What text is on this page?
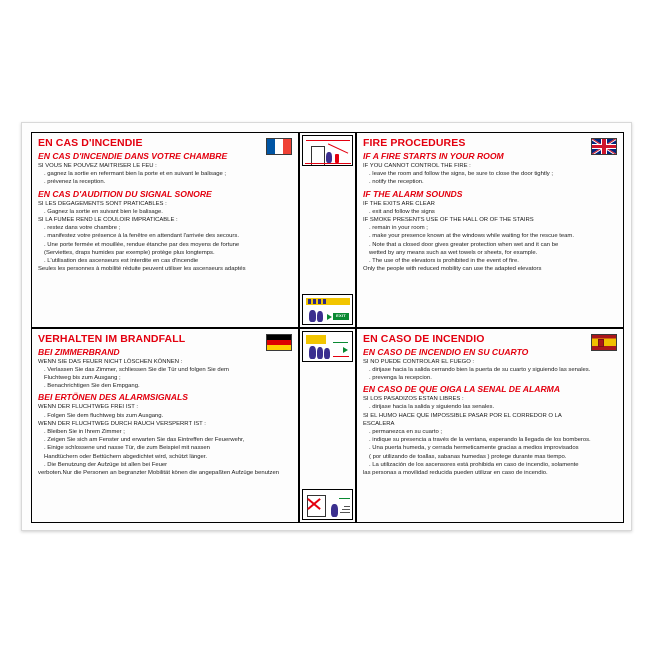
EN CAS D'INCENDIE
EN CAS D'INCENDIE DANS VOTRE CHAMBRE
SI VOUS NE POUVEZ MAITRISER LE FEU :
. gagnez la sortie en refermant bien la porte et en suivant le balisage ;
. prévenez la reception.
EN CAS D'AUDITION DU SIGNAL SONORE
SI LES DEGAGEMENTS SONT PRATICABLES :
. Gagnez la sortie en suivant bien le balisage.
SI LA FUMEE REND LE COULOIR IMPRATICABLE :
. restez dans votre chambre ;
. manifestez votre présence à la fenêtre en attendant l'arrivée des secours.
. Une porte fermée et mouillée, rendue étanche par des moyens de fortune
(Serviettes, draps humides par exemple) protège plus longtemps.
. L'utilisation des ascenseurs est interdite en cas d'incendie
Seules les personnes à mobilité réduite peuvent utiliser les ascenseurs adaptés
EXIT
FIRE PROCEDURES
IF A FIRE STARTS IN YOUR ROOM
IF YOU CANNOT CONTROL THE FIRE :
. leave the room and follow the signs, be sure to close the door tightly ;
. notify the reception.
IF THE ALARM SOUNDS
IF THE EXITS ARE CLEAR
. exit and follow the signs
IF SMOKE PRESENTS USE OF THE HALL OR OF THE STAIRS
. remain in your room ;
. make your presence known at the windows while waiting for the rescue team.
. Note that a closed door gives greater protection when wet and it can be
wetted by any means such as wet towels or sheets, for example.
. The use of the elevators is prohibited in the event of fire.
Only the people with reduced mobility can use the adapted elevators
VERHALTEN IM BRANDFALL
BEI ZIMMERBRAND
WENN SIE DAS FEUER NICHT LÖSCHEN KÖNNEN :
. Verlassen Sie das Zimmer, schliessen Sie die Tür und folgen Sie dem
Fluchtweg bis zum Ausgang ;
. Benachrichtigen Sie den Empgang.
BEI ERTÖNEN DES ALARMSIGNALS
WENN DER FLUCHTWEG FREI IST :
. Folgen Sie dem fluchtweg bis zum Ausgang.
WENN DER FLUCHTWEG DURCH RAUCH VERSPERRT IST :
. Bleiben Sie in Ihrem Zimmer ;
. Zeigen Sie sich am Fenster und erwarten Sie das Eintreffen der Feuerwehr,
. Einige schlossene und nasse Tür, die zum Beispiel mit nassen
Handtüchern oder Bettüchern abgedichtet wird, schützt länger.
. Die Benutzung der Aufzüge ist allen bei Feuer
verboten.Nur die Personen an begranzter Mobilität könen die angepaßten Aufzüge benutzen
EN CASO DE INCENDIO
EN CASO DE INCENDIO EN SU CUARTO
SI NO PUEDE CONTROLAR EL FUEGO :
. dirijase hacia la salida cerrando bien la puerta de su cuarto y siguiendo las senales.
. prevenga la recepcion.
EN CASO DE QUE OIGA LA SENAL DE ALARMA
SI LOS PASADIZOS ESTAN LIBRES :
. dirijase hacia la salida y siguiendo las senales.
SI EL HUMO HACE QUE IMPOSSIBLE PASAR POR EL CORREDOR O LA
ESCALERA
. permanezca en su cuarto ;
. indique su presencia a través de la ventana, esperando la llegada de los bomberos.
. Una puerta humeda, y cerrada hermeticamente gracias a medios improvisados
( por utilizando de toallas, sabanas humedas ) protege durante mas tiempo.
. La utilización de los ascensores está prohibida en caso de incendio, solamente
las personas a movilidad reducida pueden utilizar en caso de incendio.
